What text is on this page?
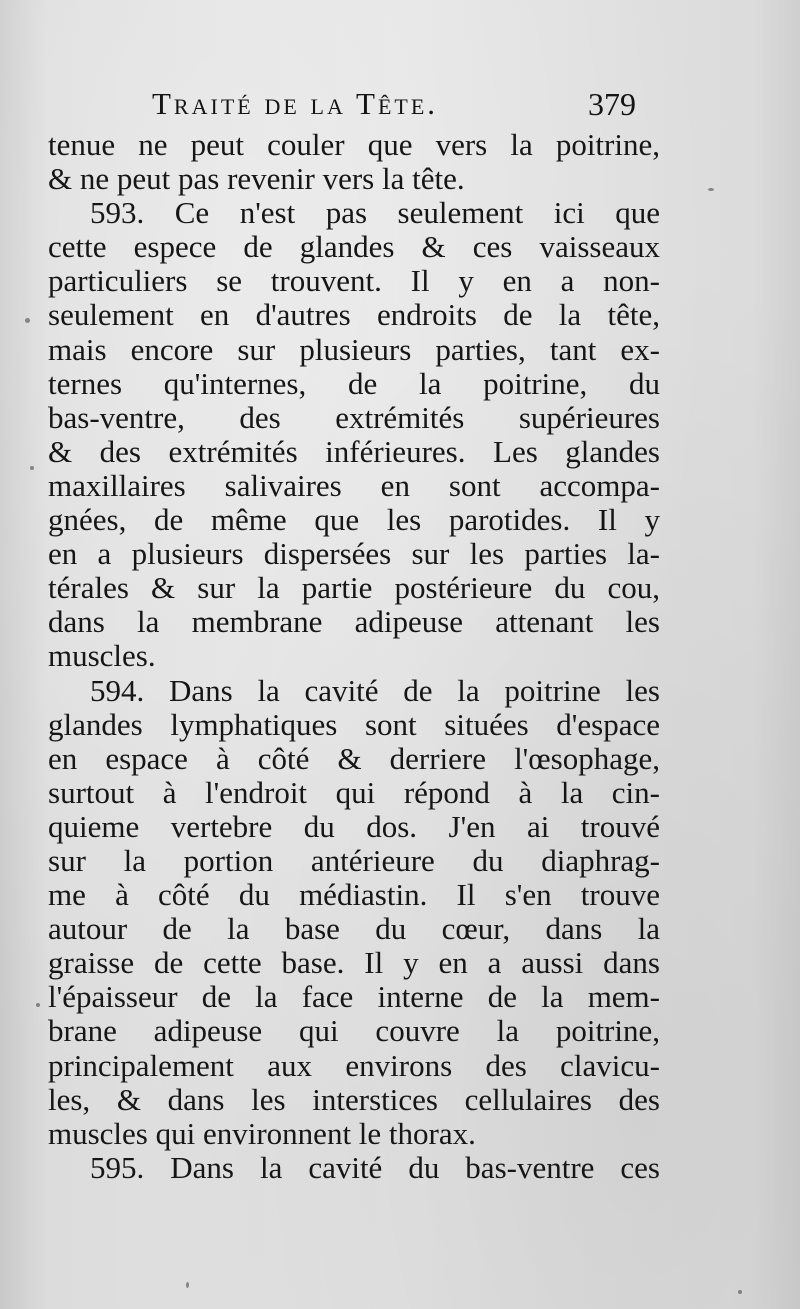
Traité de la Tête.	379
tenue ne peut couler que vers la poitrine,
& ne peut pas revenir vers la tête.
593. Ce n'est pas seulement ici que
cette espece de glandes & ces vaisseaux
particuliers se trouvent. Il y en a non-
seulement en d'autres endroits de la tête,
mais encore sur plusieurs parties, tant ex-
ternes qu'internes, de la poitrine, du
bas-ventre, des extrémités supérieures
& des extrémités inférieures. Les glandes
maxillaires salivaires en sont accompa-
gnées, de même que les parotides. Il y
en a plusieurs dispersées sur les parties la-
térales & sur la partie postérieure du cou,
dans la membrane adipeuse attenant les
muscles.
594. Dans la cavité de la poitrine les
glandes lymphatiques sont situées d'espace
en espace à côté & derriere l'œsophage,
surtout à l'endroit qui répond à la cin-
quieme vertebre du dos. J'en ai trouvé
sur la portion antérieure du diaphrag-
me à côté du médiastin. Il s'en trouve
autour de la base du cœur, dans la
graisse de cette base. Il y en a aussi dans
l'épaisseur de la face interne de la mem-
brane adipeuse qui couvre la poitrine,
principalement aux environs des clavicu-
les, & dans les interstices cellulaires des
muscles qui environnent le thorax.
595. Dans la cavité du bas-ventre ces
